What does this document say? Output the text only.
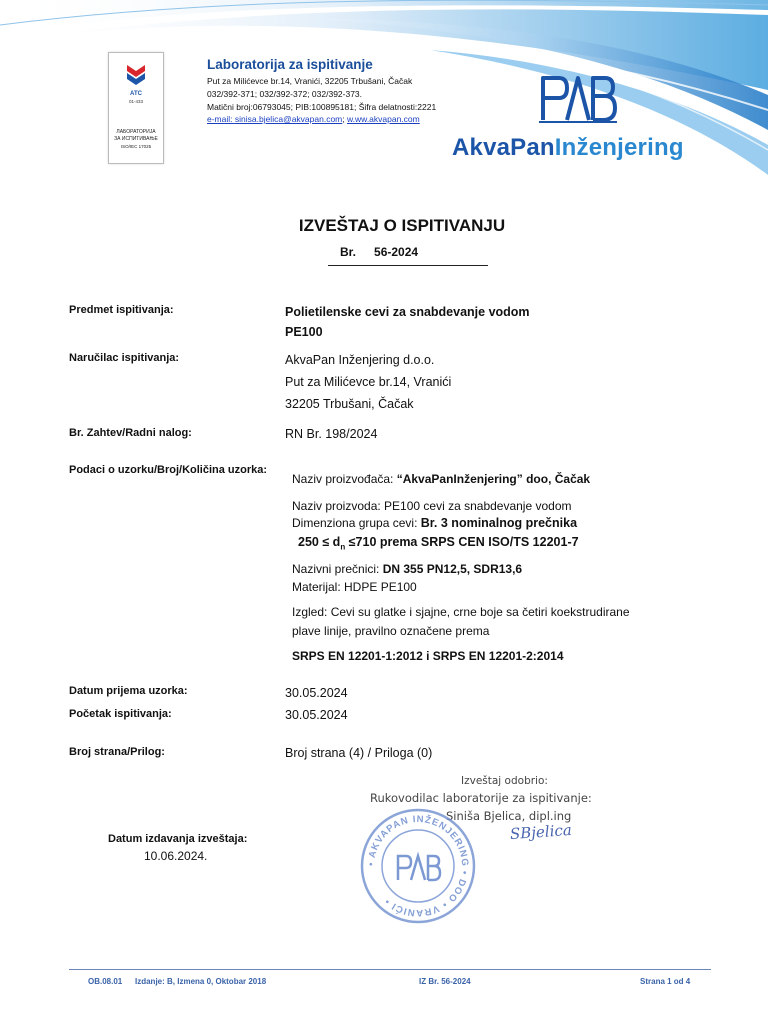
АТС
01-433
ЛАБОРАТОРИЈА
ЗА ИСПИТИВАЊЕ
ISO/IEC 17025
Laboratorija za ispitivanje
Put za Milićevce br.14, Vranići, 32205 Trbušani, Čačak
032/392-371; 032/392-372; 032/392-373.
Matični broj:06793045; PIB:100895181; Šifra delatnosti:2221
e-mail: sinisa.bjelica@akvapan.com; w.ww.akvapan.com
PAB
AkvaPanInženjering
IZVEŠTAJ O ISPITIVANJU
Br. 56-2024
Predmet ispitivanja:
Naručilac ispitivanja:
Br. Zahtev/Radni nalog:
Podaci o uzorku/Broj/Količina uzorka:
Datum prijema uzorka:
Početak ispitivanja:
Broj strana/Prilog:
Polietilenske cevi za snabdevanje vodom
PE100
AkvaPan Inženjering d.o.o.
Put za Milićevce br.14, Vranići
32205 Trbušani, Čačak
RN Br. 198/2024
Naziv proizvođača: “AkvaPanInženjering” doo, Čačak
Naziv proizvoda: PE100 cevi za snabdevanje vodom
Dimenziona grupa cevi: Br. 3 nominalnog prečnika
$250 \le d_n \le 710$ prema SRPS CEN ISO/TS 12201-7
Nazivni prečnici: DN 355 PN12,5, SDR13,6
Materijal: HDPE PE100
Izgled: Cevi su glatke i sjajne, crne boje sa četiri koekstrudirane
plave linije, pravilno označene prema
SRPS EN 12201-1:2012 i SRPS EN 12201-2:2014
30.05.2024
30.05.2024
Broj strana (4) / Priloga (0)
Izveštaj odobrio:
Rukovodilac laboratorije za ispitivanje:
Siniša Bjelica, dipl.ing
SBjelica
Datum izdavanja izveštaja:
10.06.2024.
• AKVAPAN INŽENJERING • DOO • VRANIĆI •
PAB
OB.08.01 Izdanje: B, Izmena 0, Oktobar 2018	IZ Br. 56-2024	Strana 1 od 4
